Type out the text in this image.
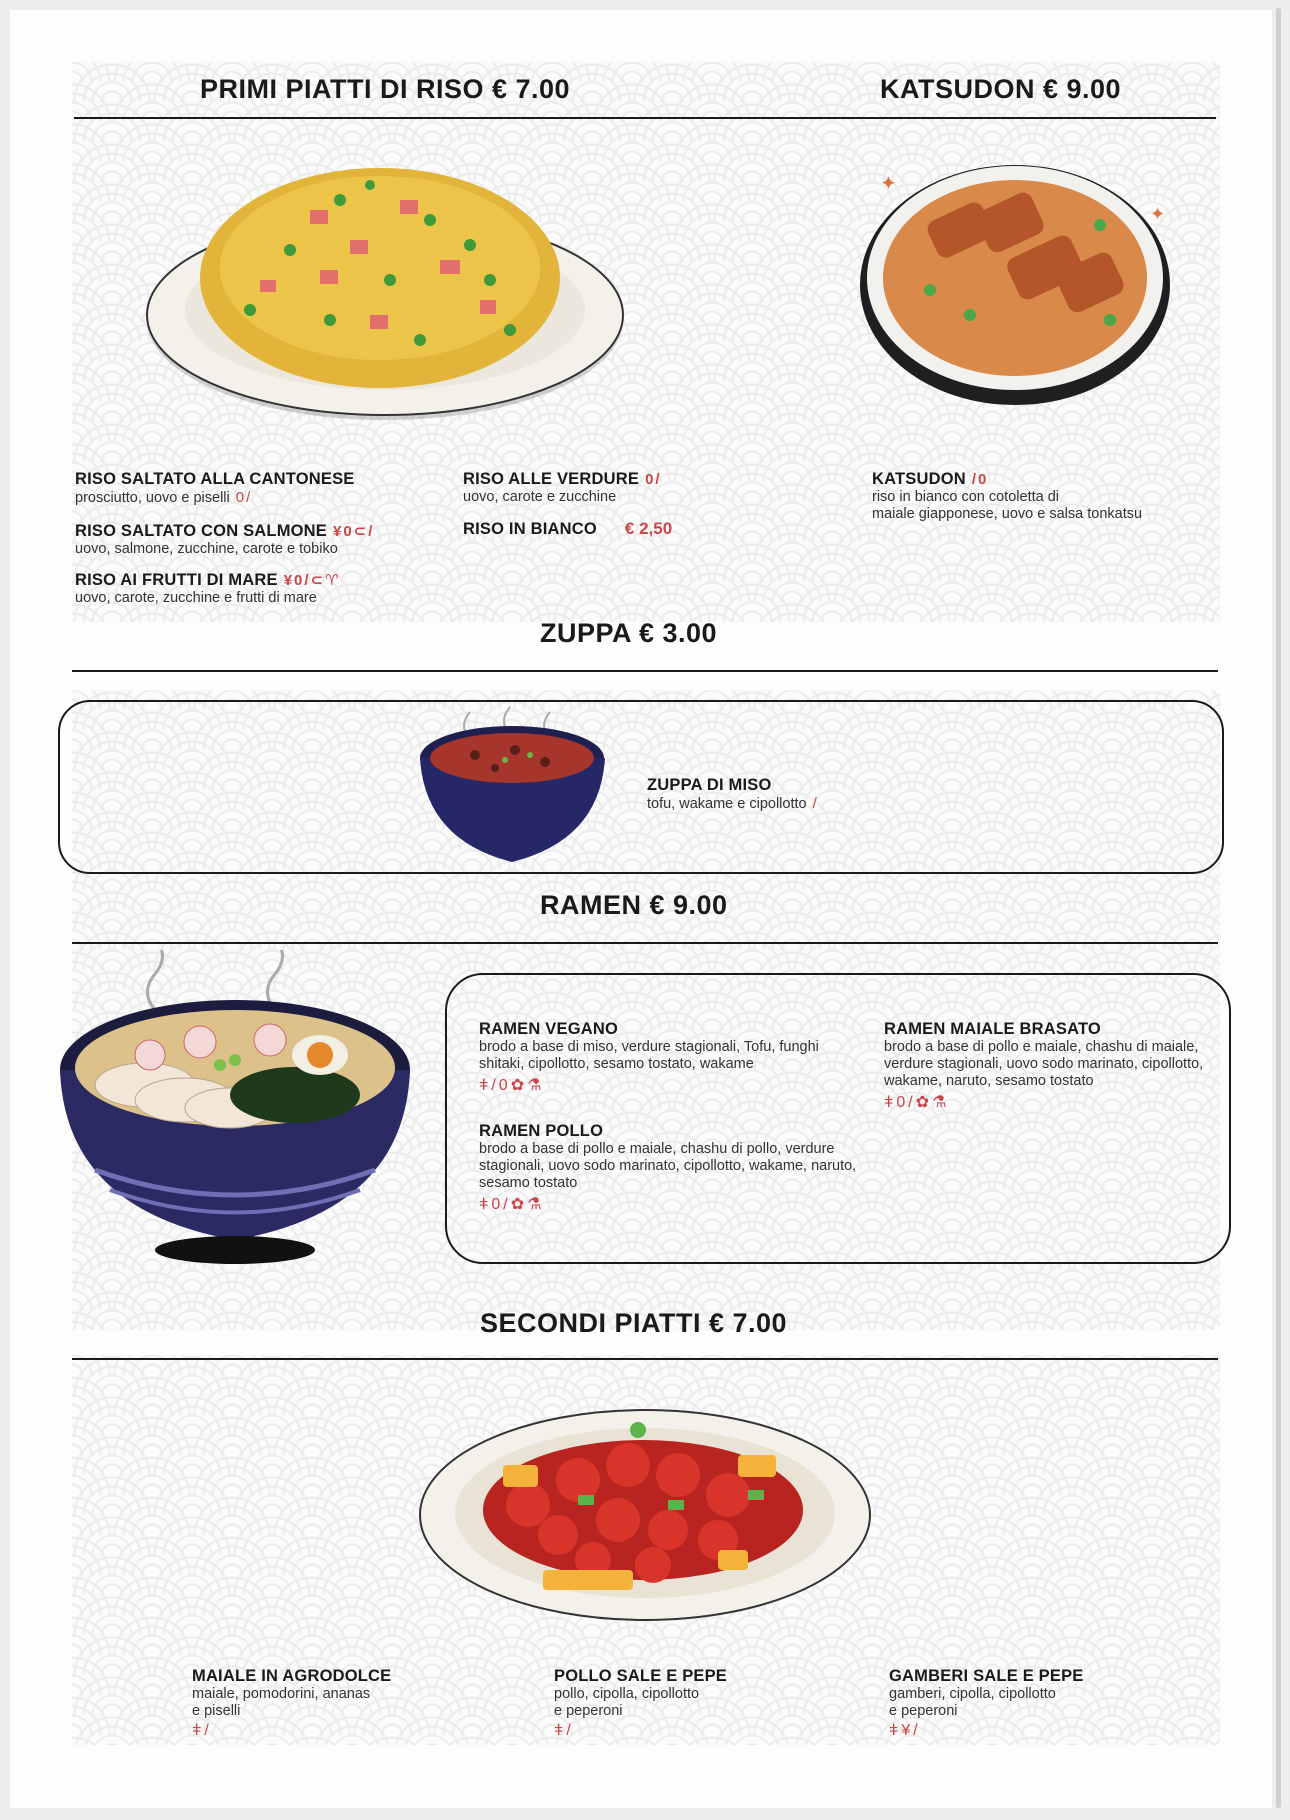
PRIMI PIATTI DI RISO € 7.00	KATSUDON € 9.00
✦
✦
RISO SALTATO ALLA CANTONESE
prosciutto, uovo e piselli 0/
RISO SALTATO CON SALMONE ¥0⊂/
uovo, salmone, zucchine, carote e tobiko
RISO AI FRUTTI DI MARE ¥0/⊂♈
uovo, carote, zucchine e frutti di mare
RISO ALLE VERDURE 0/
uovo, carote e zucchine
RISO IN BIANCO € 2,50
KATSUDON /0
riso in bianco con cotoletta di
maiale giapponese, uovo e salsa tonkatsu
ZUPPA € 3.00
ZUPPA DI MISO
tofu, wakame e cipollotto /
RAMEN € 9.00
RAMEN VEGANO
brodo a base di miso, verdure stagionali, Tofu, funghi shitaki, cipollotto, sesamo tostato, wakame
ǂ/0✿⚗
RAMEN POLLO
brodo a base di pollo e maiale, chashu di pollo, verdure stagionali, uovo sodo marinato, cipollotto, wakame, naruto, sesamo tostato
ǂ0/✿⚗
RAMEN MAIALE BRASATO
brodo a base di pollo e maiale, chashu di maiale, verdure stagionali, uovo sodo marinato, cipollotto, wakame, naruto, sesamo tostato
ǂ0/✿⚗
SECONDI PIATTI € 7.00
MAIALE IN AGRODOLCE
maiale, pomodorini, ananas
e piselli
ǂ/
POLLO SALE E PEPE
pollo, cipolla, cipollotto
e peperoni
ǂ/
GAMBERI SALE E PEPE
gamberi, cipolla, cipollotto
e peperoni
ǂ¥/
